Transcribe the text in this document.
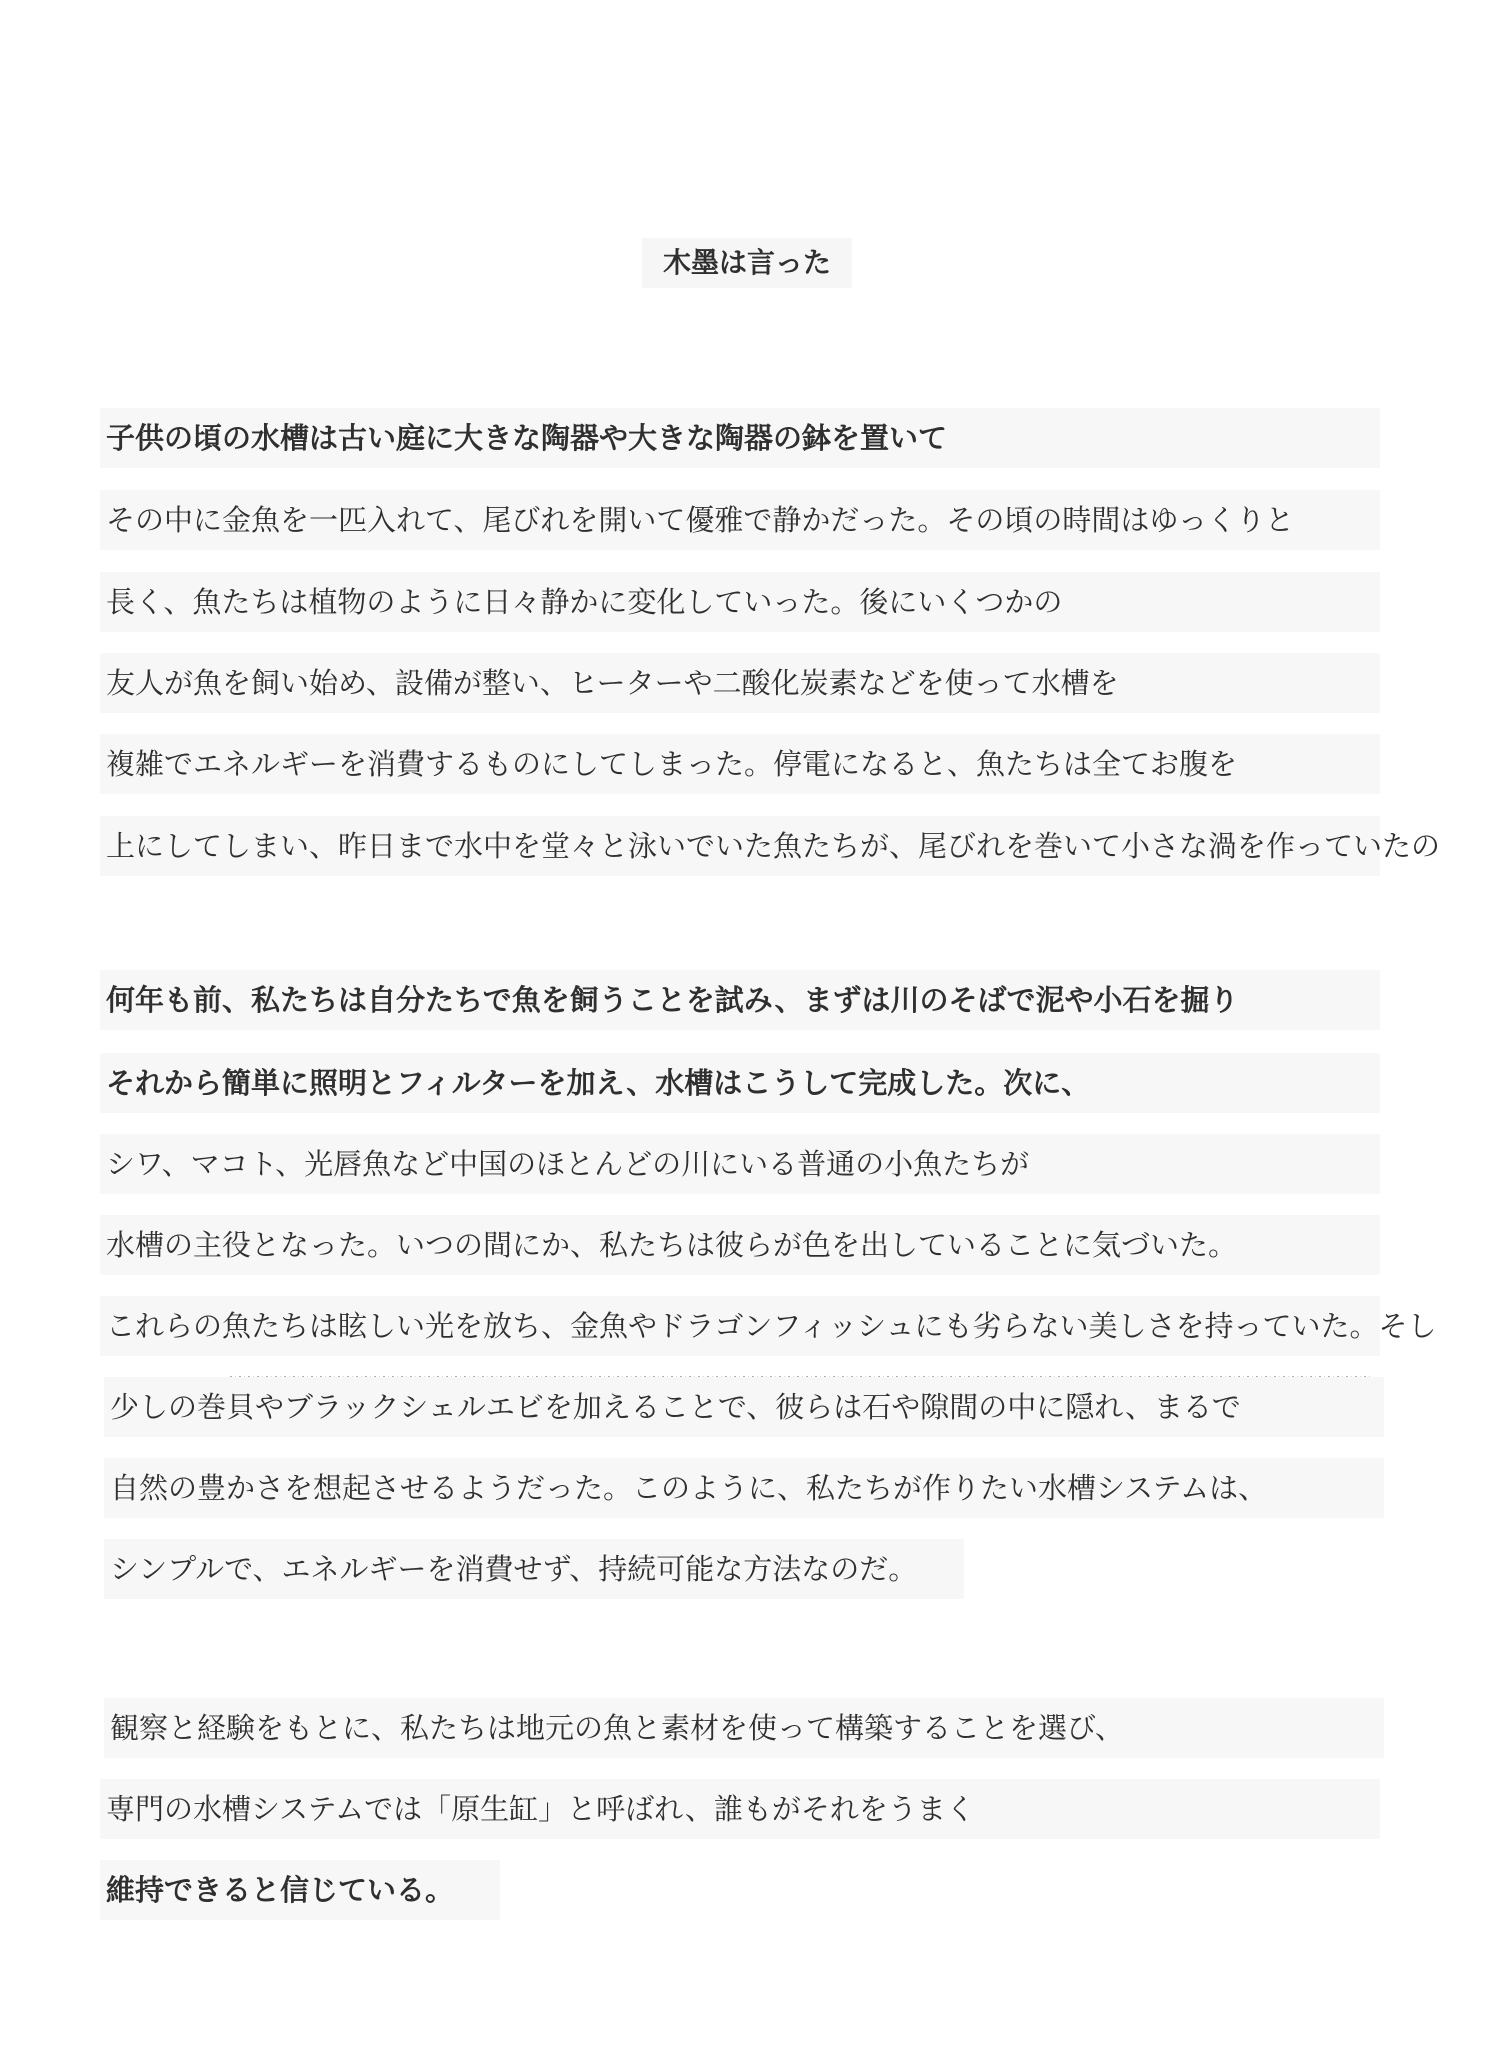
木墨は言った
子供の頃の水槽は古い庭に大きな陶器や大きな陶器の鉢を置いて
その中に金魚を一匹入れて、尾びれを開いて優雅で静かだった。その頃の時間はゆっくりと
長く、魚たちは植物のように日々静かに変化していった。後にいくつかの
友人が魚を飼い始め、設備が整い、ヒーターや二酸化炭素などを使って水槽を
複雑でエネルギーを消費するものにしてしまった。停電になると、魚たちは全てお腹を
上にしてしまい、昨日まで水中を堂々と泳いでいた魚たちが、尾びれを巻いて小さな渦を作っていたの
何年も前、私たちは自分たちで魚を飼うことを試み、まずは川のそばで泥や小石を掘り
それから簡単に照明とフィルターを加え、水槽はこうして完成した。次に、
シワ、マコト、光唇魚など中国のほとんどの川にいる普通の小魚たちが
水槽の主役となった。いつの間にか、私たちは彼らが色を出していることに気づいた。
これらの魚たちは眩しい光を放ち、金魚やドラゴンフィッシュにも劣らない美しさを持っていた。そし
少しの巻貝やブラックシェルエビを加えることで、彼らは石や隙間の中に隠れ、まるで
自然の豊かさを想起させるようだった。このように、私たちが作りたい水槽システムは、
シンプルで、エネルギーを消費せず、持続可能な方法なのだ。
観察と経験をもとに、私たちは地元の魚と素材を使って構築することを選び、
専門の水槽システムでは「原生缸」と呼ばれ、誰もがそれをうまく
維持できると信じている。
